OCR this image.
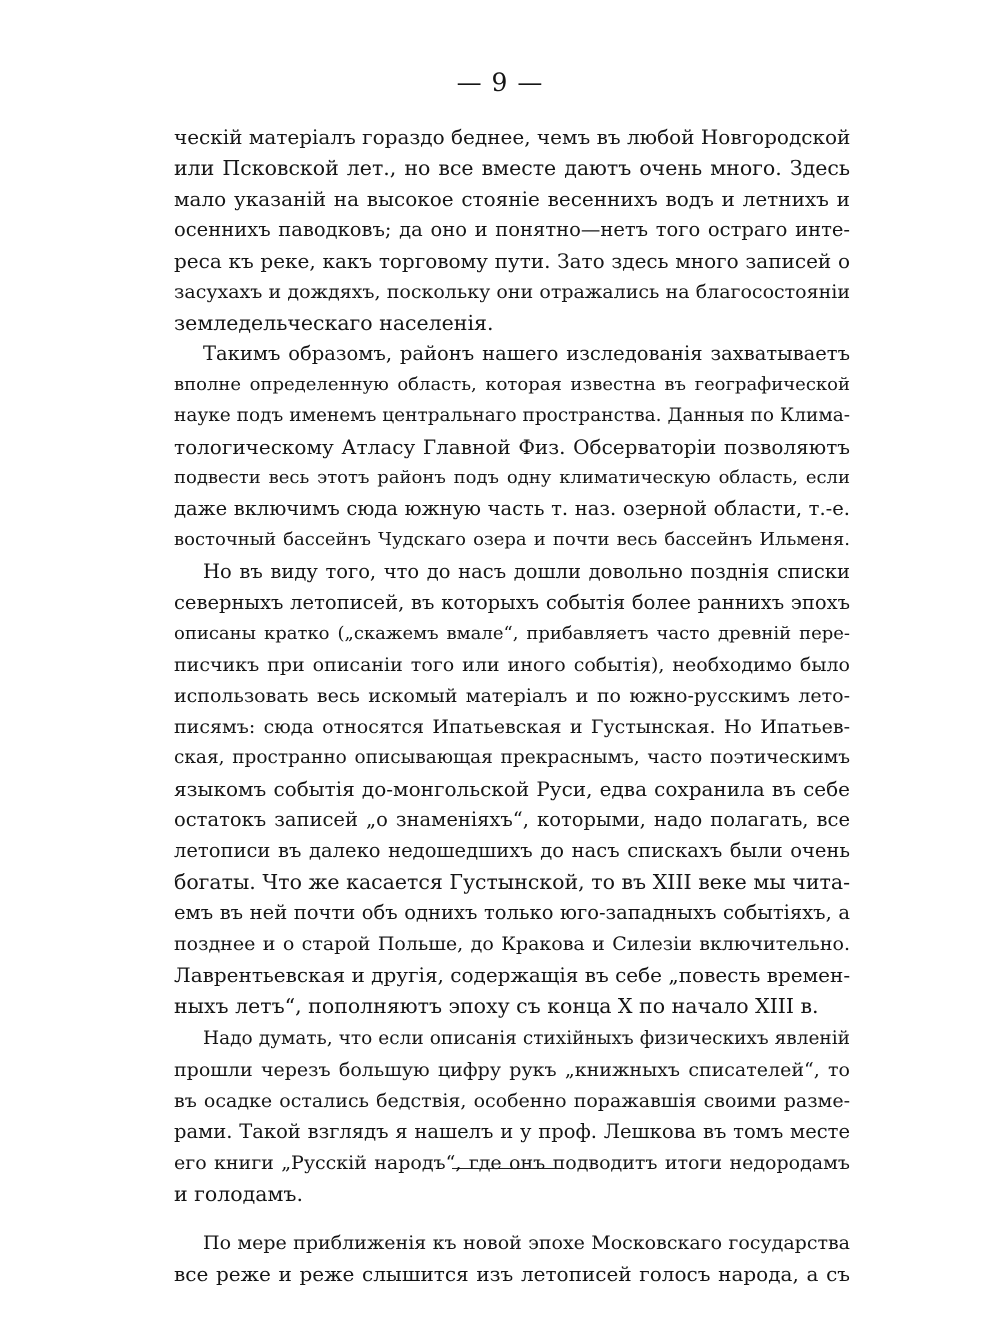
— 9 —
ческій матеріалъ гораздо беднее, чемъ въ любой Новгородской
или Псковской лет., но все вместе даютъ очень много. Здесь
мало указаній на высокое стояніе весеннихъ водъ и летнихъ и
осеннихъ паводковъ; да оно и понятно—нетъ того остраго инте-
реса къ реке, какъ торговому пути. Зато здесь много записей о
засухахъ и дождяхъ, поскольку они отражались на благосостояніи
земледельческаго населенія.
Такимъ образомъ, районъ нашего изследованія захватываетъ
вполне определенную область, которая известна въ географической
науке подъ именемъ центральнаго пространства. Данныя по Клима-
тологическому Атласу Главной Физ. Обсерваторіи позволяютъ
подвести весь этотъ районъ подъ одну климатическую область, если
даже включимъ сюда южную часть т. наз. озерной области, т.-е.
восточный бассейнъ Чудскаго озера и почти весь бассейнъ Ильменя.
Но въ виду того, что до насъ дошли довольно позднія списки
северныхъ летописей, въ которыхъ событія более раннихъ эпохъ
описаны кратко („скажемъ вмале“, прибавляетъ часто древній пере-
писчикъ при описаніи того или иного событія), необходимо было
использовать весь искомый матеріалъ и по южно-русскимъ лето-
писямъ: сюда относятся Ипатьевская и Густынская. Но Ипатьев-
ская, пространно описывающая прекраснымъ, часто поэтическимъ
языкомъ событія до-монгольской Руси, едва сохранила въ себе
остатокъ записей „о знаменіяхъ“, которыми, надо полагать, все
летописи въ далеко недошедшихъ до насъ спискахъ были очень
богаты. Что же касается Густынской, то въ XIII веке мы чита-
емъ въ ней почти объ однихъ только юго-западныхъ событіяхъ, а
позднее и о старой Польше, до Кракова и Силезіи включительно.
Лаврентьевская и другія, содержащія въ себе „повесть времен-
ныхъ летъ“, пополняютъ эпоху съ конца X по начало XIII в.
Надо думать, что если описанія стихійныхъ физическихъ явленій
прошли черезъ большую цифру рукъ „книжныхъ списателей“, то
въ осадке остались бедствія, особенно поражавшія своими разме-
рами. Такой взглядъ я нашелъ и у проф. Лешкова въ томъ месте
его книги „Русскій народъ“, где онъ подводитъ итоги недородамъ
и голодамъ.
По мере приближенія къ новой эпохе Московскаго государства
все реже и реже слышится изъ летописей голосъ народа, а съ
